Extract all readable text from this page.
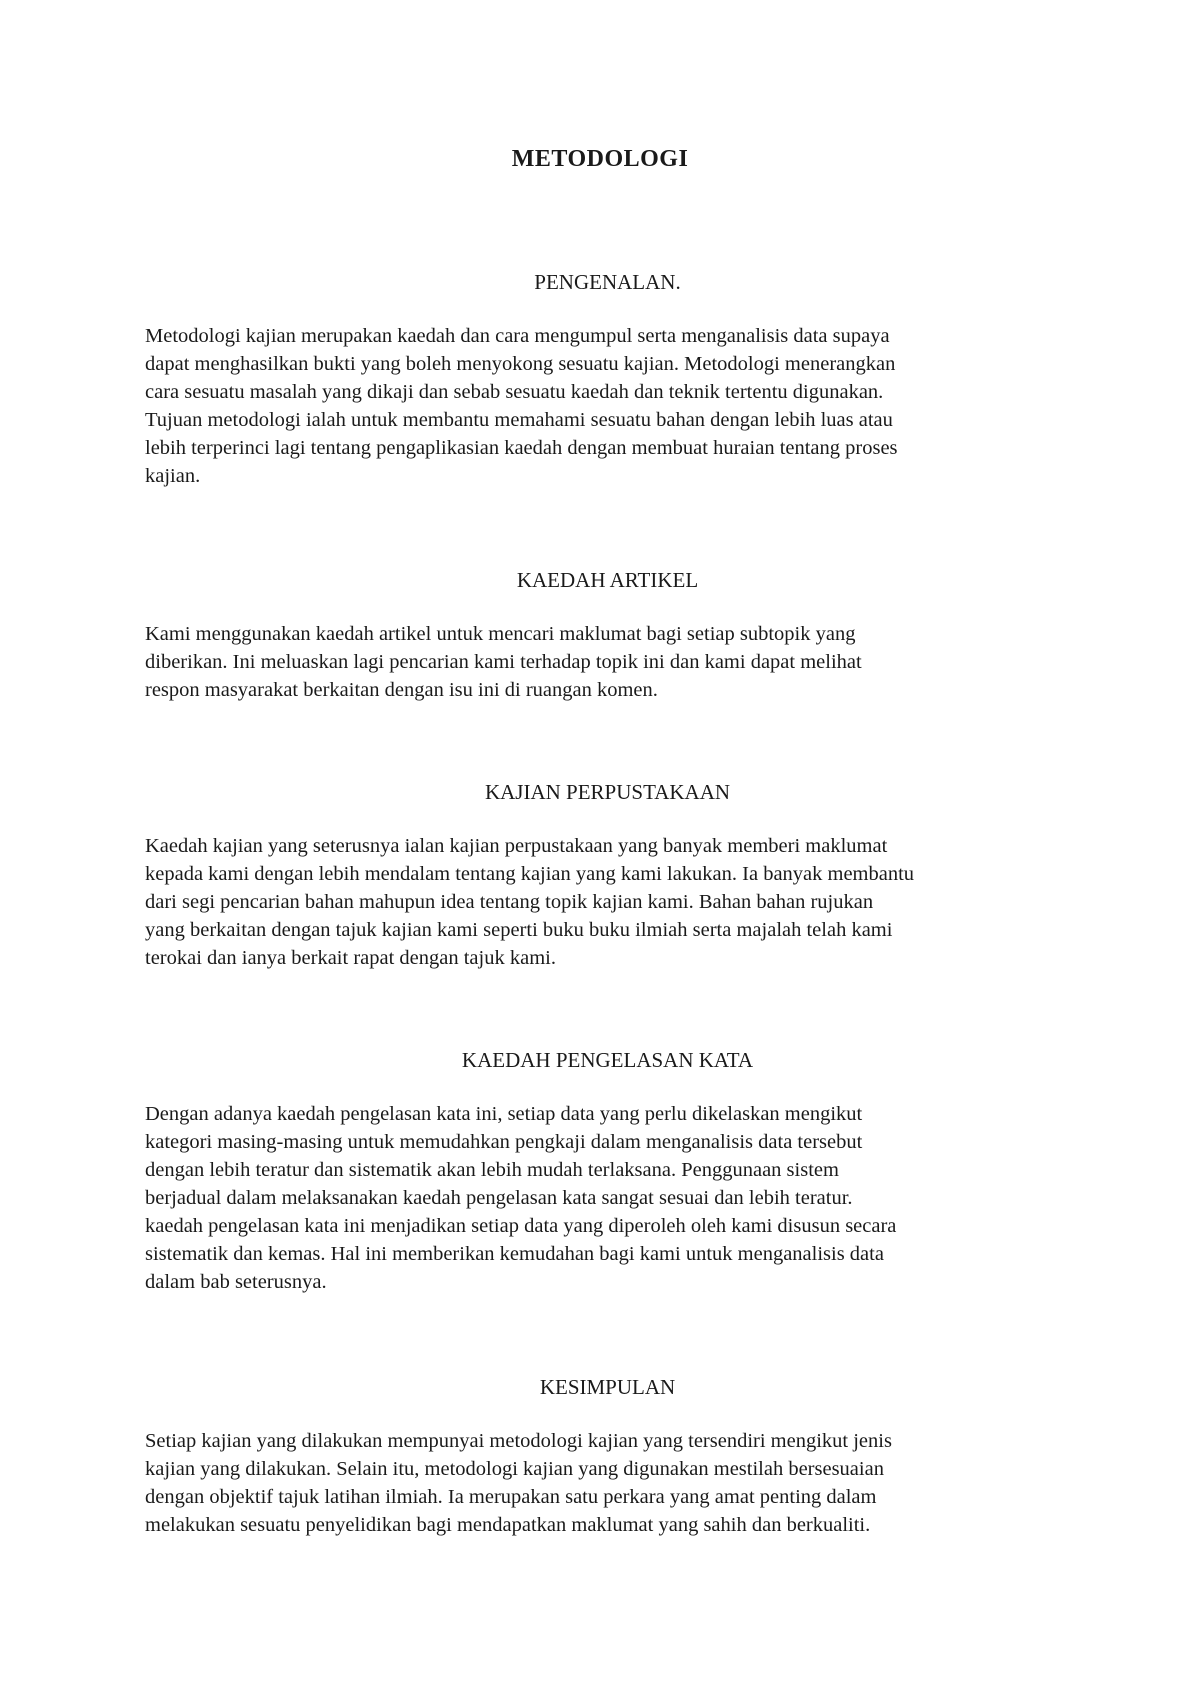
METODOLOGI
PENGENALAN.

Metodologi kajian merupakan kaedah dan cara mengumpul serta menganalisis data supaya
dapat menghasilkan bukti yang boleh menyokong sesuatu kajian. Metodologi menerangkan
cara sesuatu masalah yang dikaji dan sebab sesuatu kaedah dan teknik tertentu digunakan.
Tujuan metodologi ialah untuk membantu memahami sesuatu bahan dengan lebih luas atau
lebih terperinci lagi tentang pengaplikasian kaedah dengan membuat huraian tentang proses
kajian.

KAEDAH ARTIKEL

Kami menggunakan kaedah artikel untuk mencari maklumat bagi setiap subtopik yang
diberikan. Ini meluaskan lagi pencarian kami terhadap topik ini dan kami dapat melihat
respon masyarakat berkaitan dengan isu ini di ruangan komen.

KAJIAN PERPUSTAKAAN

Kaedah kajian yang seterusnya ialan kajian perpustakaan yang banyak memberi maklumat
kepada kami dengan lebih mendalam tentang kajian yang kami lakukan. Ia banyak membantu
dari segi pencarian bahan mahupun idea tentang topik kajian kami. Bahan bahan rujukan
yang berkaitan dengan tajuk kajian kami seperti buku buku ilmiah serta majalah telah kami
terokai dan ianya berkait rapat dengan tajuk kami.

KAEDAH PENGELASAN KATA

Dengan adanya kaedah pengelasan kata ini, setiap data yang perlu dikelaskan mengikut
kategori masing-masing untuk memudahkan pengkaji dalam menganalisis data tersebut
dengan lebih teratur dan sistematik akan lebih mudah terlaksana. Penggunaan sistem
berjadual dalam melaksanakan kaedah pengelasan kata sangat sesuai dan lebih teratur.
kaedah pengelasan kata ini menjadikan setiap data yang diperoleh oleh kami disusun secara
sistematik dan kemas. Hal ini memberikan kemudahan bagi kami untuk menganalisis data
dalam bab seterusnya.

KESIMPULAN

Setiap kajian yang dilakukan mempunyai metodologi kajian yang tersendiri mengikut jenis
kajian yang dilakukan. Selain itu, metodologi kajian yang digunakan mestilah bersesuaian
dengan objektif tajuk latihan ilmiah. Ia merupakan satu perkara yang amat penting dalam
melakukan sesuatu penyelidikan bagi mendapatkan maklumat yang sahih dan berkualiti.
